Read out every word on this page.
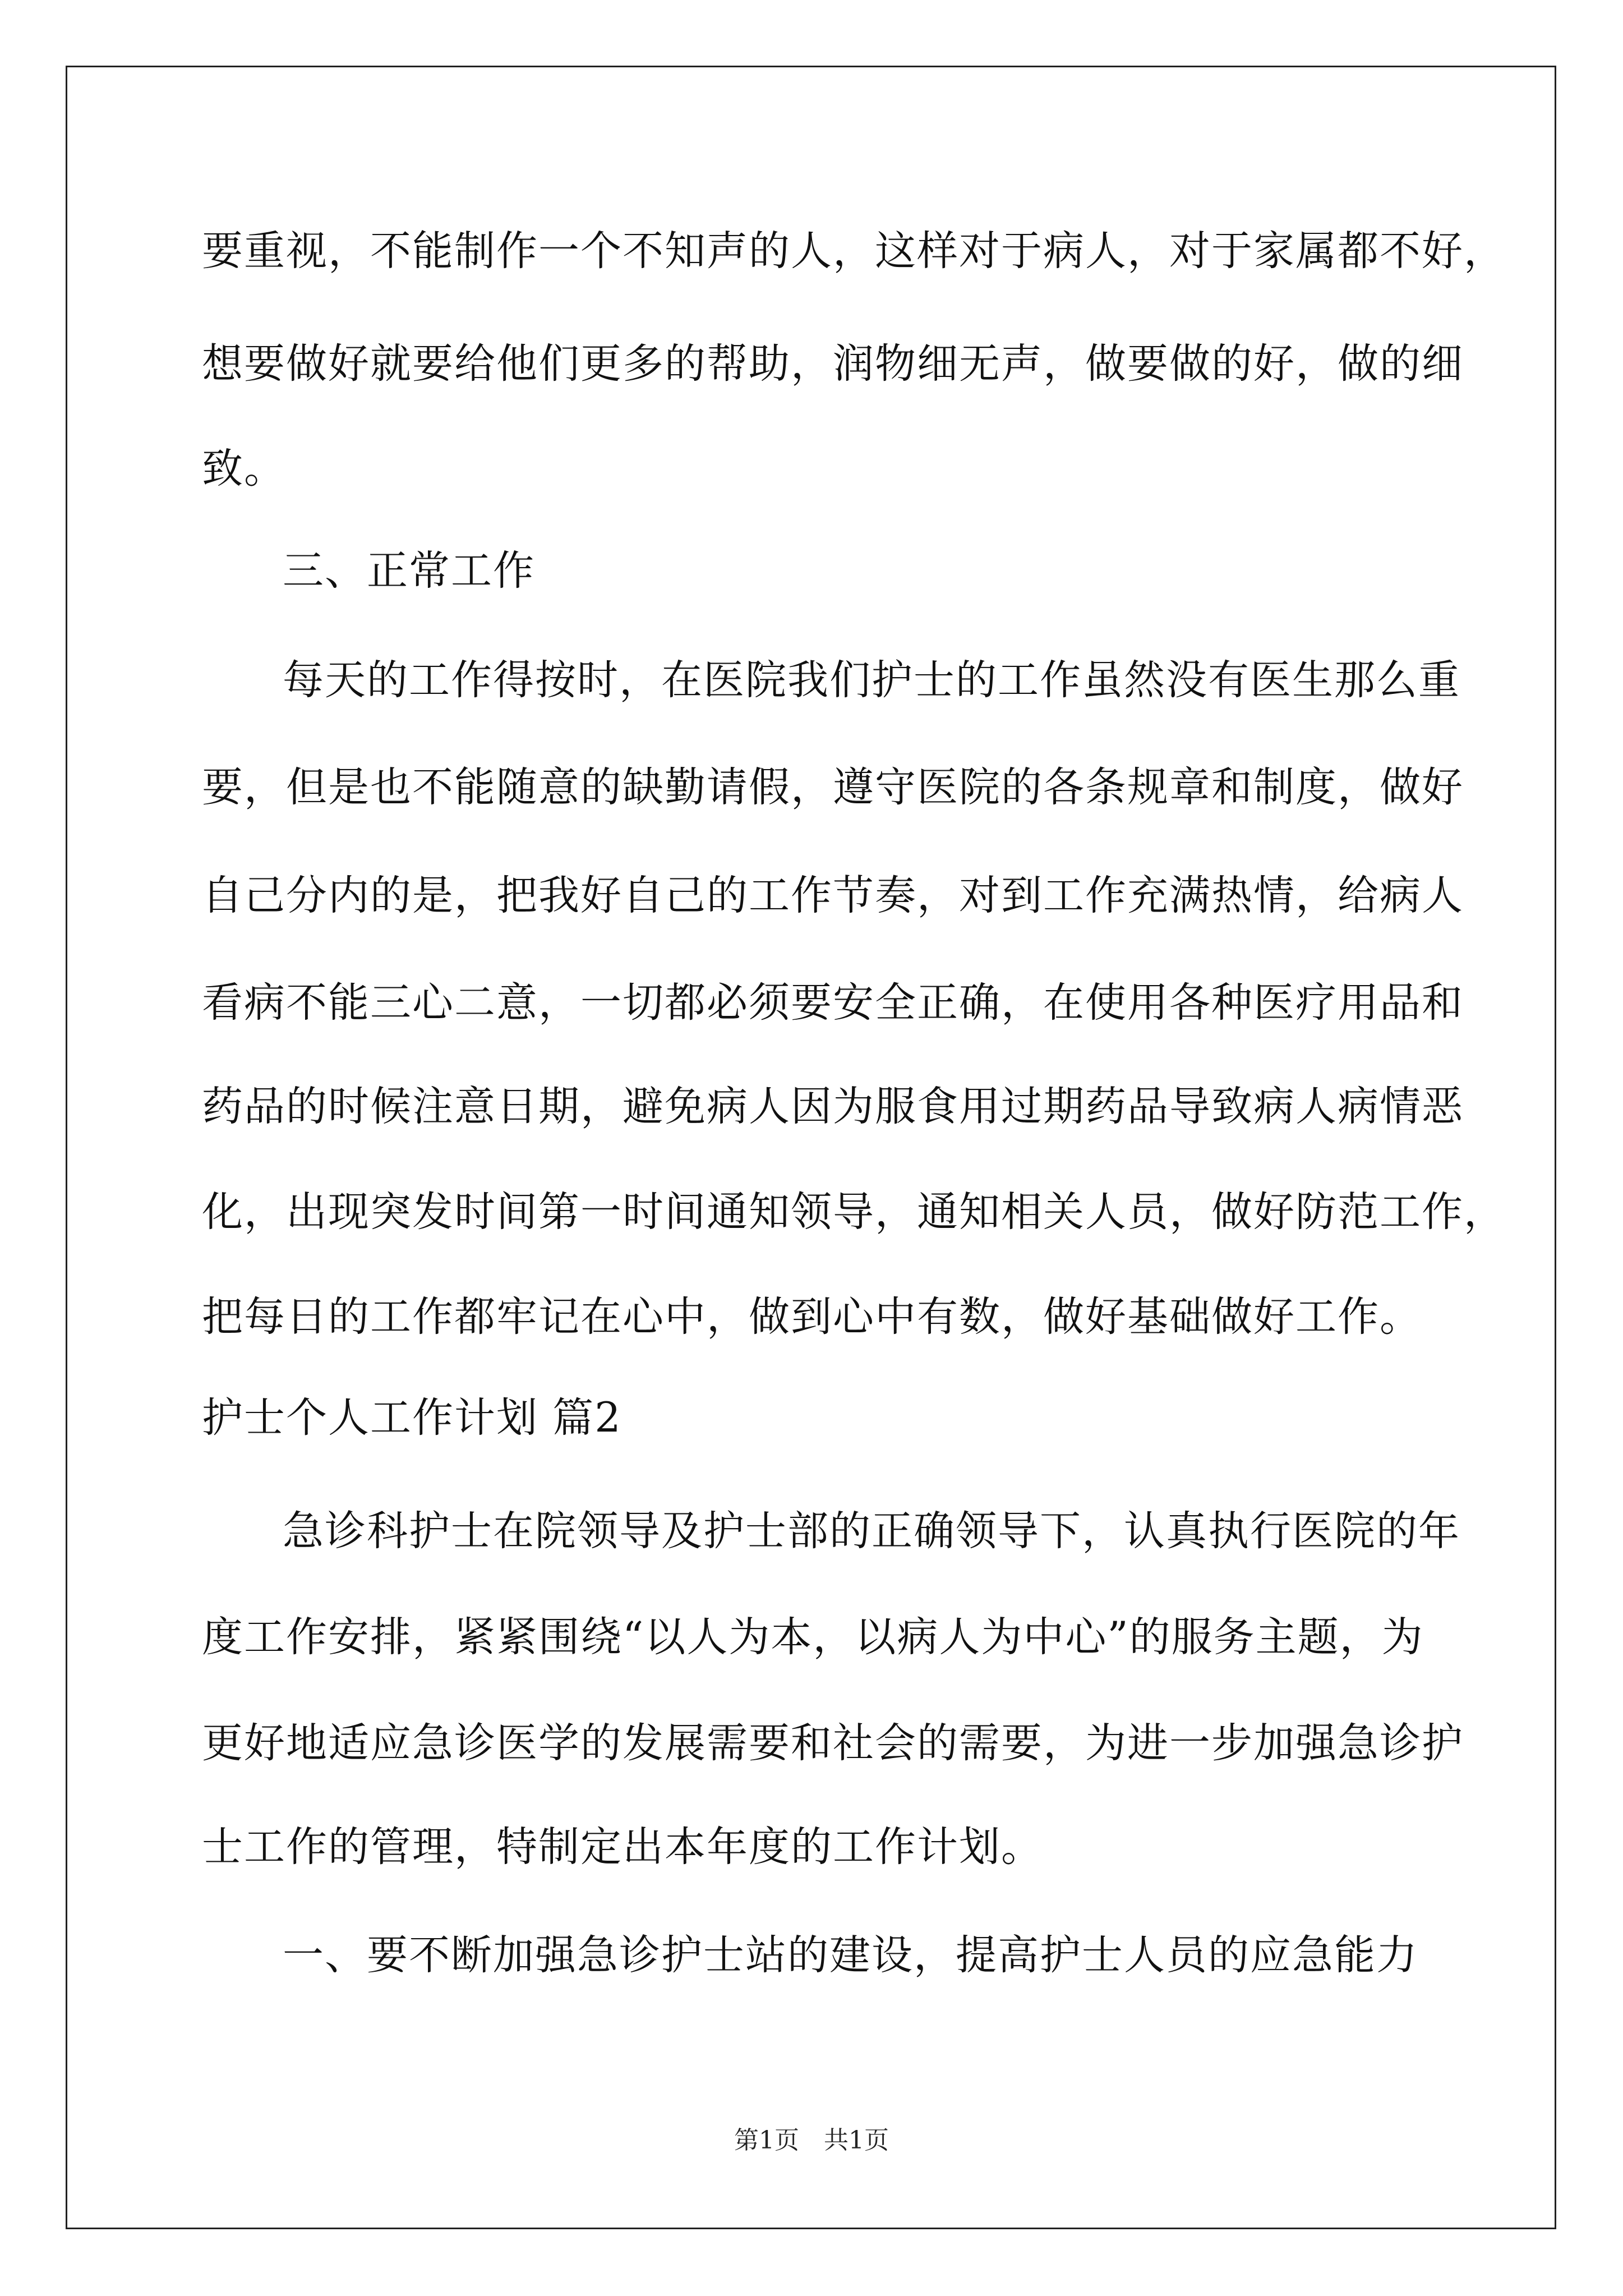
要重视，不能制作一个不知声的人，这样对于病人，对于家属都不好，
想要做好就要给他们更多的帮助，润物细无声，做要做的好，做的细
致。
三、正常工作
每天的工作得按时，在医院我们护士的工作虽然没有医生那么重
要，但是也不能随意的缺勤请假，遵守医院的各条规章和制度，做好
自己分内的是，把我好自己的工作节奏，对到工作充满热情，给病人
看病不能三心二意，一切都必须要安全正确，在使用各种医疗用品和
药品的时候注意日期，避免病人因为服食用过期药品导致病人病情恶
化，出现突发时间第一时间通知领导，通知相关人员，做好防范工作，
把每日的工作都牢记在心中，做到心中有数，做好基础做好工作。
护士个人工作计划 篇2
急诊科护士在院领导及护士部的正确领导下，认真执行医院的年
度工作安排，紧紧围绕“以人为本，以病人为中心”的服务主题，为
更好地适应急诊医学的发展需要和社会的需要，为进一步加强急诊护
士工作的管理，特制定出本年度的工作计划。
一、要不断加强急诊护士站的建设，提高护士人员的应急能力
第1页 共1页
